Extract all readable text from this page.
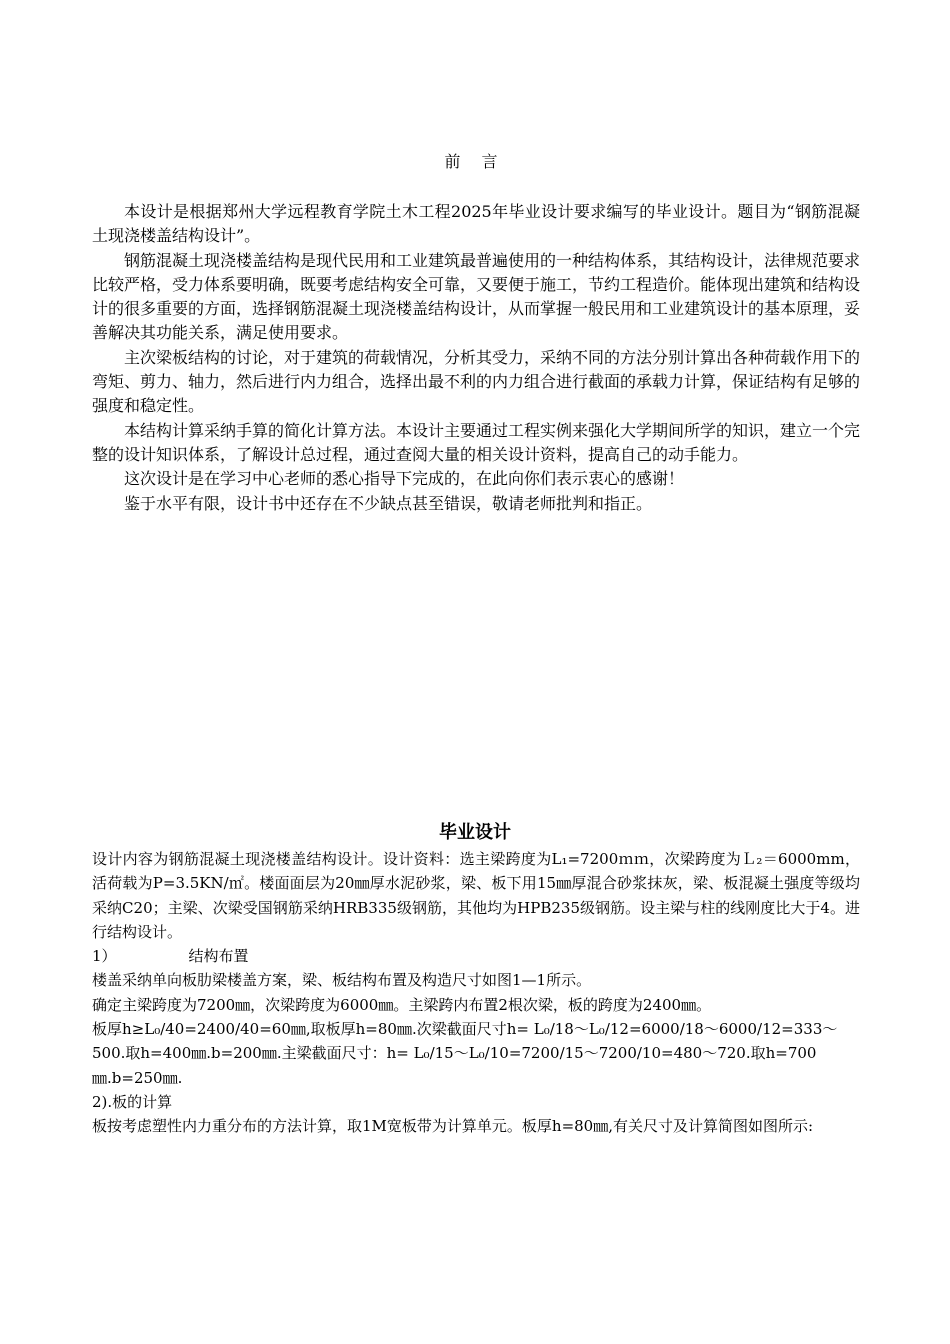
前 言

本设计是根据郑州大学远程教育学院土木工程2025年毕业设计要求编写的毕业设计。题目为“钢筋混凝土现浇楼盖结构设计”。

钢筋混凝土现浇楼盖结构是现代民用和工业建筑最普遍使用的一种结构体系，其结构设计，法律规范要求比较严格，受力体系要明确，既要考虑结构安全可靠，又要便于施工，节约工程造价。能体现出建筑和结构设计的很多重要的方面，选择钢筋混凝土现浇楼盖结构设计，从而掌握一般民用和工业建筑设计的基本原理，妥善解决其功能关系，满足使用要求。

主次梁板结构的讨论，对于建筑的荷载情况，分析其受力，采纳不同的方法分别计算出各种荷载作用下的弯矩、剪力、轴力，然后进行内力组合，选择出最不利的内力组合进行截面的承载力计算，保证结构有足够的强度和稳定性。

本结构计算采纳手算的简化计算方法。本设计主要通过工程实例来强化大学期间所学的知识，建立一个完整的设计知识体系，了解设计总过程，通过查阅大量的相关设计资料，提高自己的动手能力。

这次设计是在学习中心老师的悉心指导下完成的，在此向你们表示衷心的感谢！

鉴于水平有限，设计书中还存在不少缺点甚至错误，敬请老师批判和指正。

毕业设计

设计内容为钢筋混凝土现浇楼盖结构设计。设计资料：选主梁跨度为L₁=7200ｍｍ，次梁跨度为Ｌ₂＝6000mm，活荷载为P=3.5KN/㎡。楼面面层为20㎜厚水泥砂浆，梁、板下用15㎜厚混合砂浆抹灰，梁、板混凝土强度等级均采纳C20；主梁、次梁受国钢筋采纳HRB335级钢筋，其他均为HPB235级钢筋。设主梁与柱的线刚度比大于4。进行结构设计。

1）	结构布置

楼盖采纳单向板肋梁楼盖方案，梁、板结构布置及构造尺寸如图1—1所示。

确定主梁跨度为7200㎜，次梁跨度为6000㎜。主梁跨内布置2根次梁，板的跨度为2400㎜。

板厚h≥L₀/40=2400/40=60㎜,取板厚h=80㎜.次梁截面尺寸h= L₀/18～L₀/12=6000/18～6000/12=333～500.取h=400㎜.b=200㎜.主梁截面尺寸：h= L₀/15～L₀/10=7200/15～7200/10=480～720.取h=700㎜.b=250㎜.

2).板的计算

板按考虑塑性内力重分布的方法计算，取1M宽板带为计算单元。板厚h=80㎜,有关尺寸及计算简图如图所示:
